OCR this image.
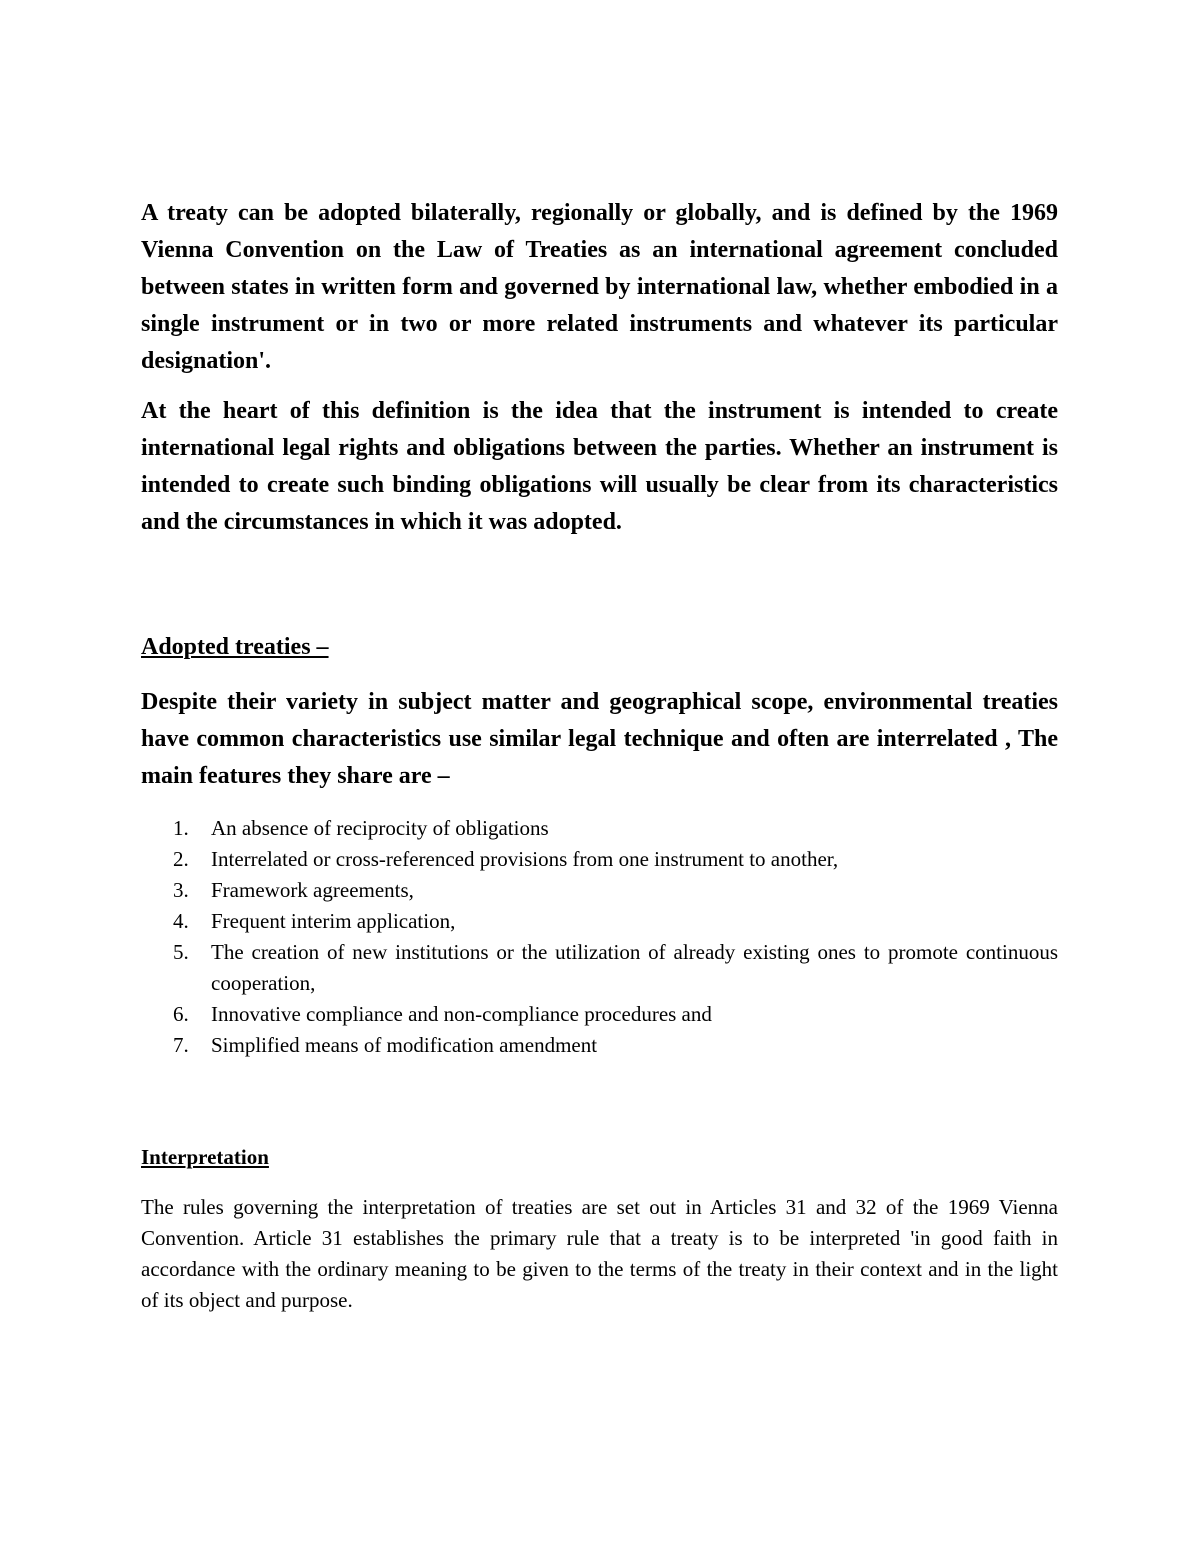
A treaty can be adopted bilaterally, regionally or globally, and is defined by the 1969 Vienna Convention on the Law of Treaties as an international agreement concluded between states in written form and governed by international law, whether embodied in a single instrument or in two or more related instruments and whatever its particular designation'.

At the heart of this definition is the idea that the instrument is intended to create international legal rights and obligations between the parties. Whether an instrument is intended to create such binding obligations will usually be clear from its characteristics and the circumstances in which it was adopted.

Adopted treaties –

Despite their variety in subject matter and geographical scope, environmental treaties have common characteristics use similar legal technique and often are interrelated , The main features they share are –

1.	An absence of reciprocity of obligations
2.	Interrelated or cross-referenced provisions from one instrument to another,
3.	Framework agreements,
4.	Frequent interim application,
5.	The creation of new institutions or the utilization of already existing ones to promote continuous cooperation,
6.	Innovative compliance and non-compliance procedures and
7.	Simplified means of modification amendment
Interpretation

The rules governing the interpretation of treaties are set out in Articles 31 and 32 of the 1969 Vienna Convention. Article 31 establishes the primary rule that a treaty is to be interpreted 'in good faith in accordance with the ordinary meaning to be given to the terms of the treaty in their context and in the light of its object and purpose.
